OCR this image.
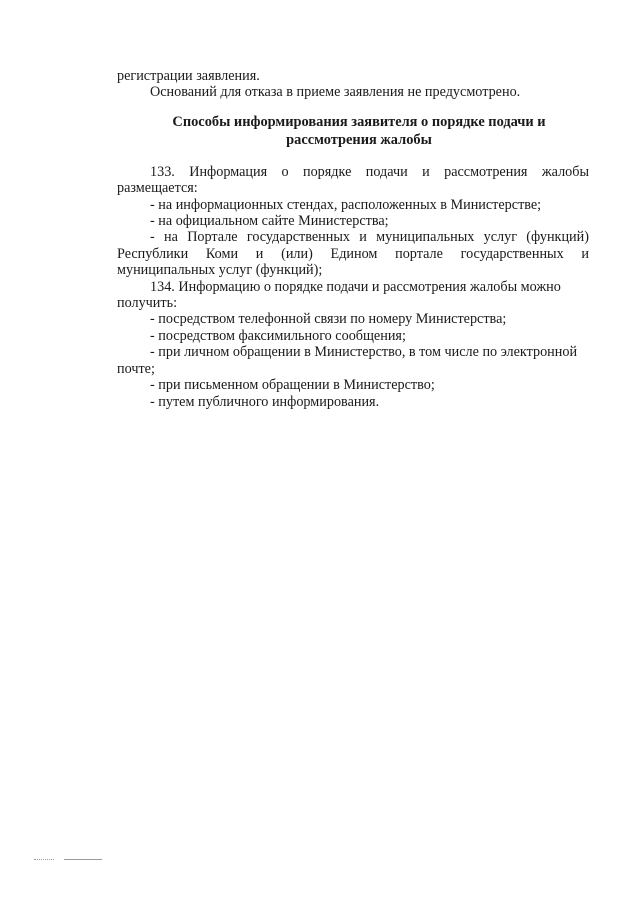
регистрации заявления.
Оснований для отказа в приеме заявления не предусмотрено.
Способы информирования заявителя о порядке подачи и
рассмотрения жалобы
133. Информация о порядке подачи и рассмотрения жалобы
размещается:
- на информационных стендах, расположенных в Министерстве;
- на официальном сайте Министерства;
- на Портале государственных и муниципальных услуг (функций)
Республики Коми и (или) Едином портале государственных и
муниципальных услуг (функций);
134. Информацию о порядке подачи и рассмотрения жалобы можно
получить:
- посредством телефонной связи по номеру Министерства;
- посредством факсимильного сообщения;
- при личном обращении в Министерство, в том числе по электронной
почте;
- при письменном обращении в Министерство;
- путем публичного информирования.
